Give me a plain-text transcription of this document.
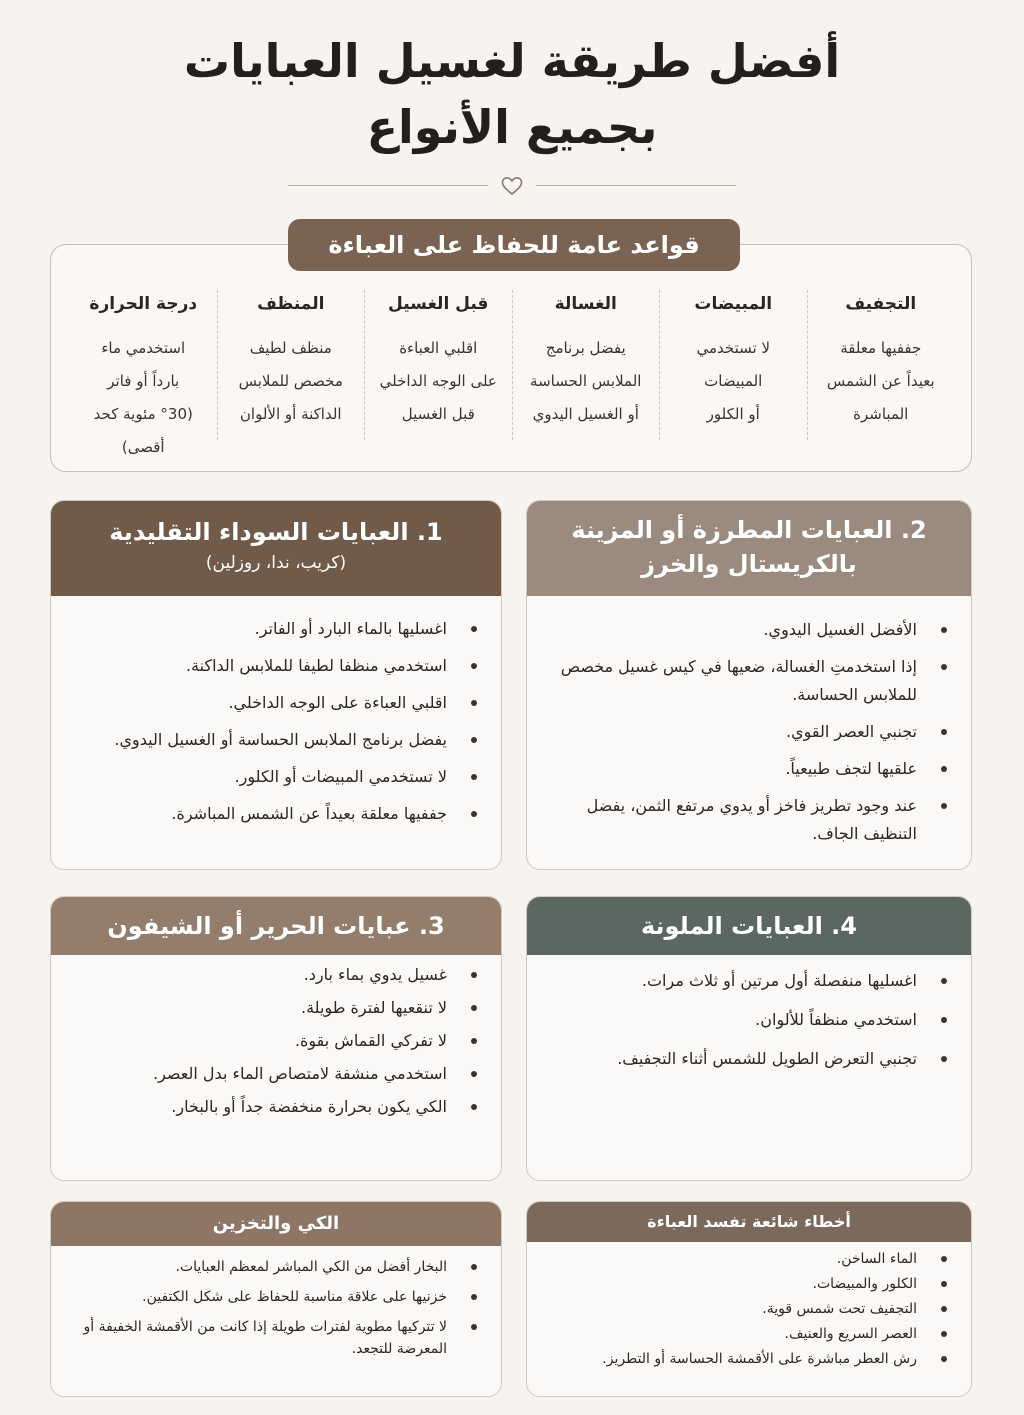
أفضل طريقة لغسيل العبايات
بجميع الأنواع
قواعد عامة للحفاظ على العباءة
التجفيف
جففيها معلقة
بعيداً عن الشمس
المباشرة
المبيضات
لا تستخدمي
المبيضات
أو الكلور
الغسالة
يفضل برنامج
الملابس الحساسة
أو الغسيل اليدوي
قبل الغسيل
اقلبي العباءة
على الوجه الداخلي
قبل الغسيل
المنظف
منظف لطيف
مخصص للملابس
الداكنة أو الألوان
درجة الحرارة
استخدمي ماء
بارداً أو فاتر
(°30 مئوية كحد أقصى)
1. العبايات السوداء التقليدية
(كريب، ندا، روزلين)
اغسليها بالماء البارد أو الفاتر.
استخدمي منظفا لطيفا للملابس الداكنة.
اقلبي العباءة على الوجه الداخلي.
يفضل برنامج الملابس الحساسة أو الغسيل اليدوي.
لا تستخدمي المبيضات أو الكلور.
جففيها معلقة بعيداً عن الشمس المباشرة.
2. العبايات المطرزة أو المزينة
بالكريستال والخرز
الأفضل الغسيل اليدوي.
إذا استخدمتِ الغسالة، ضعيها في كيس غسيل مخصص للملابس الحساسة.
تجنبي العصر القوي.
علقيها لتجف طبيعياً.
عند وجود تطريز فاخز أو يدوي مرتفع الثمن، يفضل التنظيف الجاف.
3. عبايات الحرير أو الشيفون
غسيل يدوي بماء بارد.
لا تنقعيها لفترة طويلة.
لا تفركي القماش بقوة.
استخدمي منشفة لامتصاص الماء بدل العصر.
الكي يكون بحرارة منخفضة جداً أو بالبخار.
4. العبايات الملونة
اغسليها منفصلة أول مرتين أو ثلاث مرات.
استخدمي منظفاً للألوان.
تجنبي التعرض الطويل للشمس أثناء التجفيف.
الكي والتخزين
البخار أفضل من الكي المباشر لمعظم العبايات.
خزنيها على علاقة مناسبة للحفاظ على شكل الكتفين.
لا تتركيها مطوية لفترات طويلة إذا كانت من الأقمشة الخفيفة أو المعرضة للتجعد.
أخطاء شائعة تفسد العباءة
الماء الساخن.
الكلور والمبيضات.
التجفيف تحت شمس قوية.
العصر السريع والعنيف.
رش العطر مباشرة على الأقمشة الحساسة أو التطريز.
